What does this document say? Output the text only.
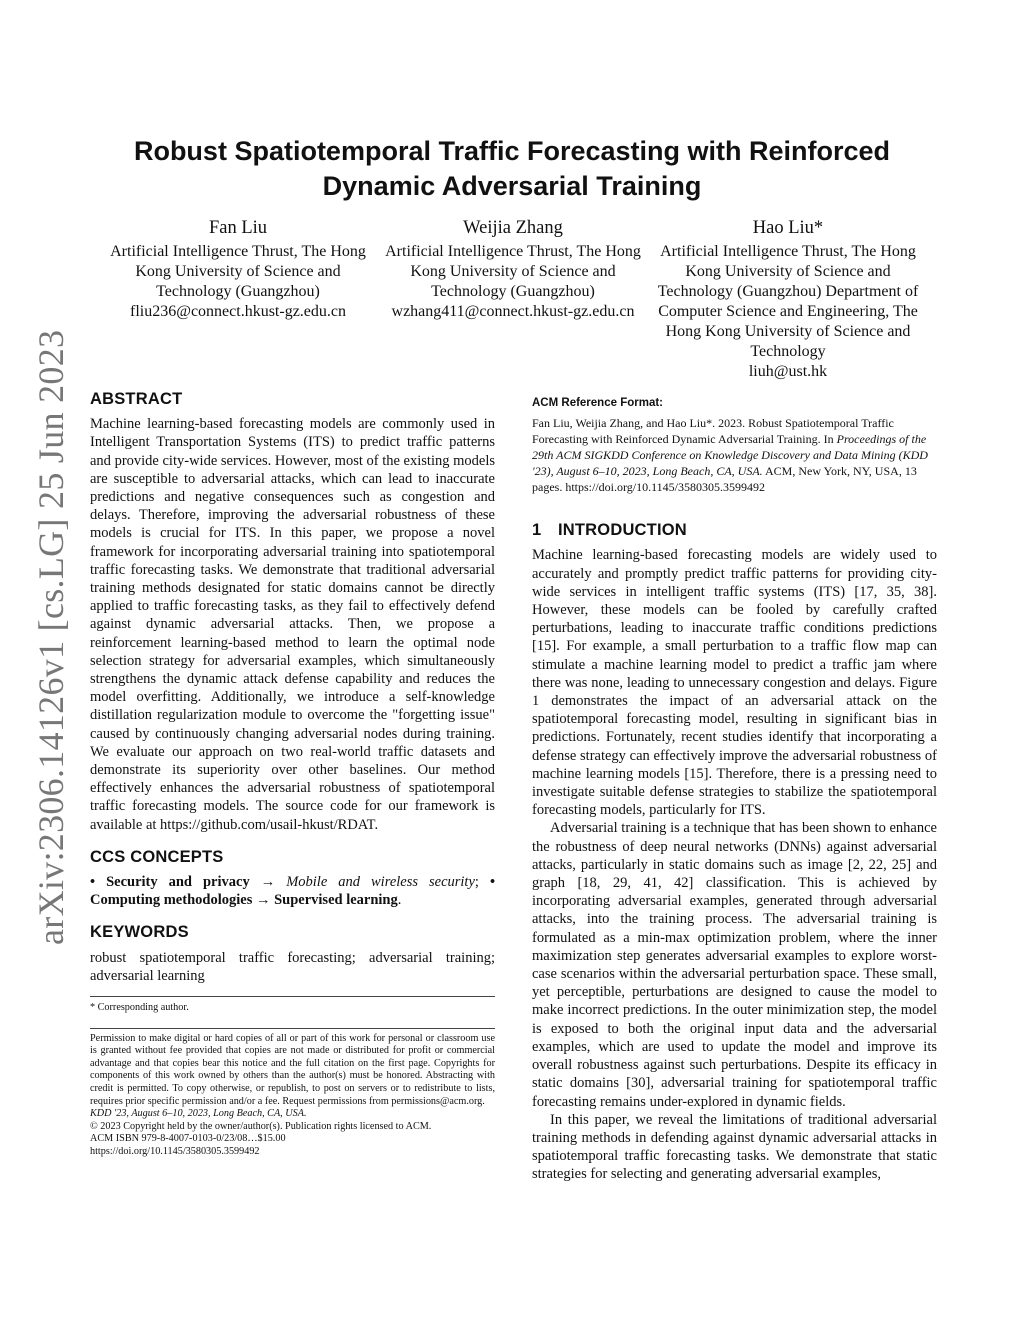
arXiv:2306.14126v1 [cs.LG] 25 Jun 2023
Robust Spatiotemporal Traffic Forecasting with Reinforced Dynamic Adversarial Training
Fan Liu
Artificial Intelligence Thrust, The Hong Kong University of Science and Technology (Guangzhou)
fliu236@connect.hkust-gz.edu.cn
Weijia Zhang
Artificial Intelligence Thrust, The Hong Kong University of Science and Technology (Guangzhou)
wzhang411@connect.hkust-gz.edu.cn
Hao Liu*
Artificial Intelligence Thrust, The Hong Kong University of Science and Technology (Guangzhou) Department of Computer Science and Engineering, The Hong Kong University of Science and Technology
liuh@ust.hk
ABSTRACT

Machine learning-based forecasting models are commonly used in Intelligent Transportation Systems (ITS) to predict traffic patterns and provide city-wide services. However, most of the existing models are susceptible to adversarial attacks, which can lead to inaccurate predictions and negative consequences such as congestion and delays. Therefore, improving the adversarial robustness of these models is crucial for ITS. In this paper, we propose a novel framework for incorporating adversarial training into spatiotemporal traffic forecasting tasks. We demonstrate that traditional adversarial training methods designated for static domains cannot be directly applied to traffic forecasting tasks, as they fail to effectively defend against dynamic adversarial attacks. Then, we propose a reinforcement learning-based method to learn the optimal node selection strategy for adversarial examples, which simultaneously strengthens the dynamic attack defense capability and reduces the model overfitting. Additionally, we introduce a self-knowledge distillation regularization module to overcome the "forgetting issue" caused by continuously changing adversarial nodes during training. We evaluate our approach on two real-world traffic datasets and demonstrate its superiority over other baselines. Our method effectively enhances the adversarial robustness of spatiotemporal traffic forecasting models. The source code for our framework is available at https://github.com/usail-hkust/RDAT.

CCS CONCEPTS

• Security and privacy → Mobile and wireless security; • Computing methodologies → Supervised learning.

KEYWORDS

robust spatiotemporal traffic forecasting; adversarial training; adversarial learning

* Corresponding author.

Permission to make digital or hard copies of all or part of this work for personal or classroom use is granted without fee provided that copies are not made or distributed for profit or commercial advantage and that copies bear this notice and the full citation on the first page. Copyrights for components of this work owned by others than the author(s) must be honored. Abstracting with credit is permitted. To copy otherwise, or republish, to post on servers or to redistribute to lists, requires prior specific permission and/or a fee. Request permissions from permissions@acm.org.

KDD '23, August 6–10, 2023, Long Beach, CA, USA.

© 2023 Copyright held by the owner/author(s). Publication rights licensed to ACM.

ACM ISBN 979-8-4007-0103-0/23/08…$15.00

https://doi.org/10.1145/3580305.3599492

ACM Reference Format:

Fan Liu, Weijia Zhang, and Hao Liu*. 2023. Robust Spatiotemporal Traffic Forecasting with Reinforced Dynamic Adversarial Training. In Proceedings of the 29th ACM SIGKDD Conference on Knowledge Discovery and Data Mining (KDD '23), August 6–10, 2023, Long Beach, CA, USA. ACM, New York, NY, USA, 13 pages. https://doi.org/10.1145/3580305.3599492

1 INTRODUCTION

Machine learning-based forecasting models are widely used to accurately and promptly predict traffic patterns for providing city-wide services in intelligent traffic systems (ITS) [17, 35, 38]. However, these models can be fooled by carefully crafted perturbations, leading to inaccurate traffic conditions predictions [15]. For example, a small perturbation to a traffic flow map can stimulate a machine learning model to predict a traffic jam where there was none, leading to unnecessary congestion and delays. Figure 1 demonstrates the impact of an adversarial attack on the spatiotemporal forecasting model, resulting in significant bias in predictions. Fortunately, recent studies identify that incorporating a defense strategy can effectively improve the adversarial robustness of machine learning models [15]. Therefore, there is a pressing need to investigate suitable defense strategies to stabilize the spatiotemporal forecasting models, particularly for ITS.

Adversarial training is a technique that has been shown to enhance the robustness of deep neural networks (DNNs) against adversarial attacks, particularly in static domains such as image [2, 22, 25] and graph [18, 29, 41, 42] classification. This is achieved by incorporating adversarial examples, generated through adversarial attacks, into the training process. The adversarial training is formulated as a min-max optimization problem, where the inner maximization step generates adversarial examples to explore worst-case scenarios within the adversarial perturbation space. These small, yet perceptible, perturbations are designed to cause the model to make incorrect predictions. In the outer minimization step, the model is exposed to both the original input data and the adversarial examples, which are used to update the model and improve its overall robustness against such perturbations. Despite its efficacy in static domains [30], adversarial training for spatiotemporal traffic forecasting remains under-explored in dynamic fields.

In this paper, we reveal the limitations of traditional adversarial training methods in defending against dynamic adversarial attacks in spatiotemporal traffic forecasting tasks. We demonstrate that static strategies for selecting and generating adversarial examples,
